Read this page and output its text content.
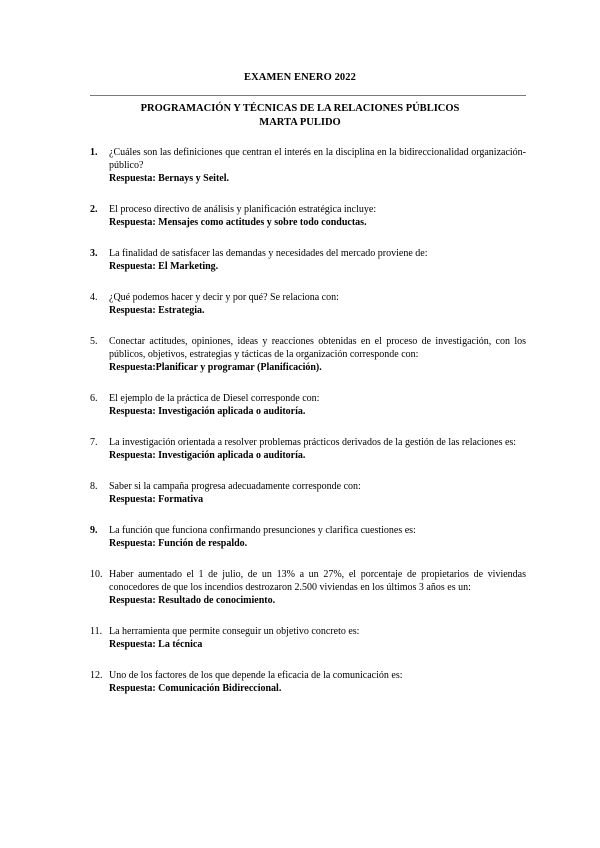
EXAMEN ENERO 2022
PROGRAMACIÓN Y TÉCNICAS DE LA RELACIONES PÚBLICOS
MARTA PULIDO
1. ¿Cuáles son las definiciones que centran el interés en la disciplina en la bidireccionalidad organización-público?
Respuesta: Bernays y Seitel.
2. El proceso directivo de análisis y planificación estratégica incluye:
Respuesta: Mensajes como actitudes y sobre todo conductas.
3. La finalidad de satisfacer las demandas y necesidades del mercado proviene de:
Respuesta: El Marketing.
4. ¿Qué podemos hacer y decir y por qué? Se relaciona con:
Respuesta: Estrategia.
5. Conectar actitudes, opiniones, ideas y reacciones obtenidas en el proceso de investigación, con los públicos, objetivos, estrategias y tácticas de la organización corresponde con:
Respuesta:Planificar y programar (Planificación).
6. El ejemplo de la práctica de Diesel corresponde con:
Respuesta: Investigación aplicada o auditoría.
7. La investigación orientada a resolver problemas prácticos derivados de la gestión de las relaciones es:
Respuesta: Investigación aplicada o auditoría.
8. Saber si la campaña progresa adecuadamente corresponde con:
Respuesta: Formativa
9. La función que funciona confirmando presunciones y clarifica cuestiones es:
Respuesta: Función de respaldo.
10. Haber aumentado el 1 de julio, de un 13% a un 27%, el porcentaje de propietarios de viviendas conocedores de que los incendios destrozaron 2.500 viviendas en los últimos 3 años es un:
Respuesta: Resultado de conocimiento.
11. La herramienta que permite conseguir un objetivo concreto es:
Respuesta: La técnica
12. Uno de los factores de los que depende la eficacia de la comunicación es:
Respuesta: Comunicación Bidireccional.
